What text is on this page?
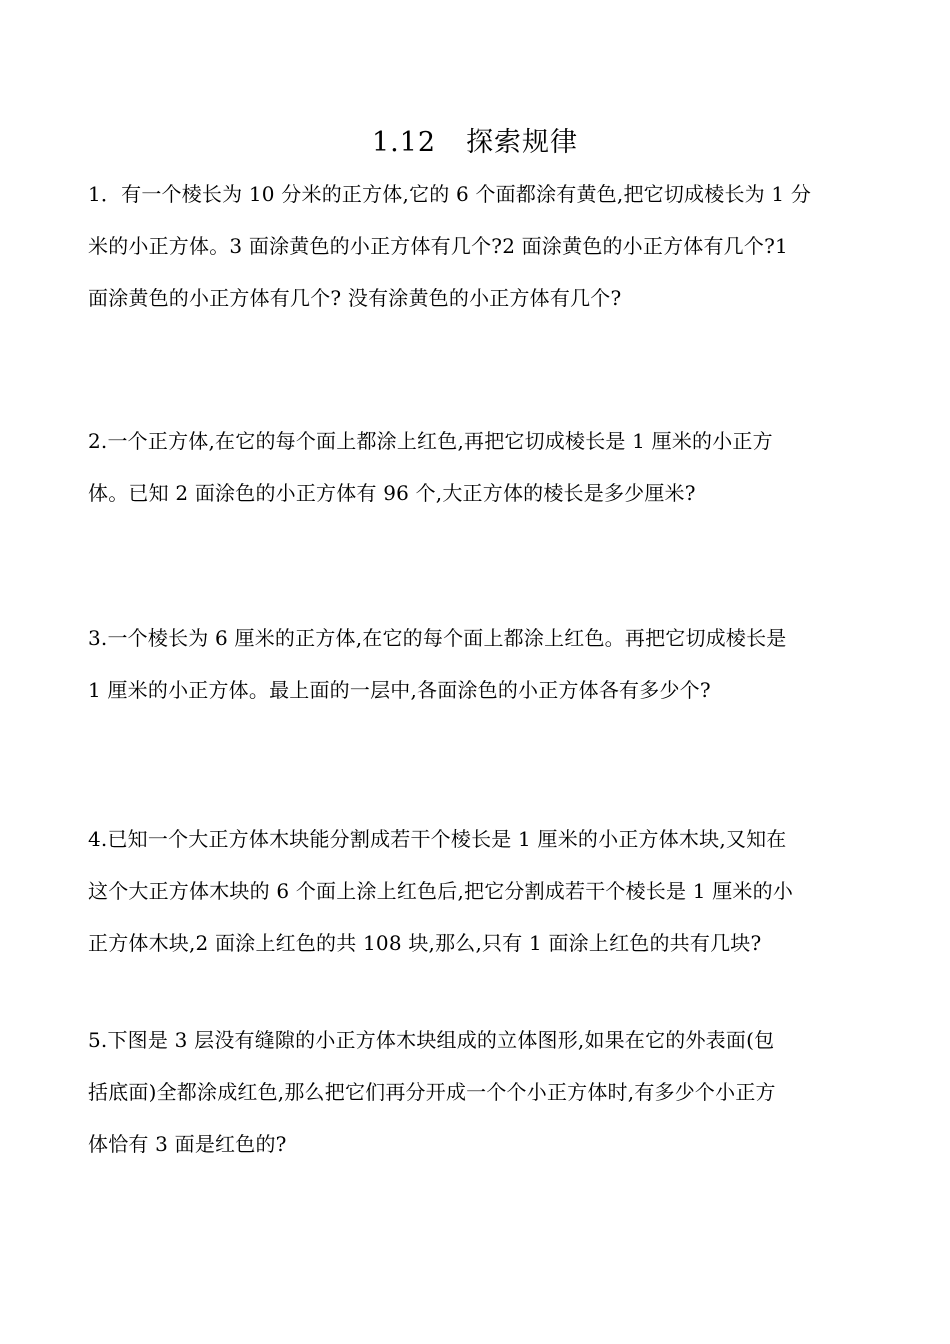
1.12 探索规律
1．有一个棱长为 10 分米的正方体,它的 6 个面都涂有黄色,把它切成棱长为 1 分
米的小正方体。3 面涂黄色的小正方体有几个?2 面涂黄色的小正方体有几个?1
面涂黄色的小正方体有几个? 没有涂黄色的小正方体有几个?
2.一个正方体,在它的每个面上都涂上红色,再把它切成棱长是 1 厘米的小正方
体。已知 2 面涂色的小正方体有 96 个,大正方体的棱长是多少厘米?
3.一个棱长为 6 厘米的正方体,在它的每个面上都涂上红色。再把它切成棱长是
1 厘米的小正方体。最上面的一层中,各面涂色的小正方体各有多少个?
4.已知一个大正方体木块能分割成若干个棱长是 1 厘米的小正方体木块,又知在
这个大正方体木块的 6 个面上涂上红色后,把它分割成若干个棱长是 1 厘米的小
正方体木块,2 面涂上红色的共 108 块,那么,只有 1 面涂上红色的共有几块?
5.下图是 3 层没有缝隙的小正方体木块组成的立体图形,如果在它的外表面(包
括底面)全都涂成红色,那么把它们再分开成一个个小正方体时,有多少个小正方
体恰有 3 面是红色的?
